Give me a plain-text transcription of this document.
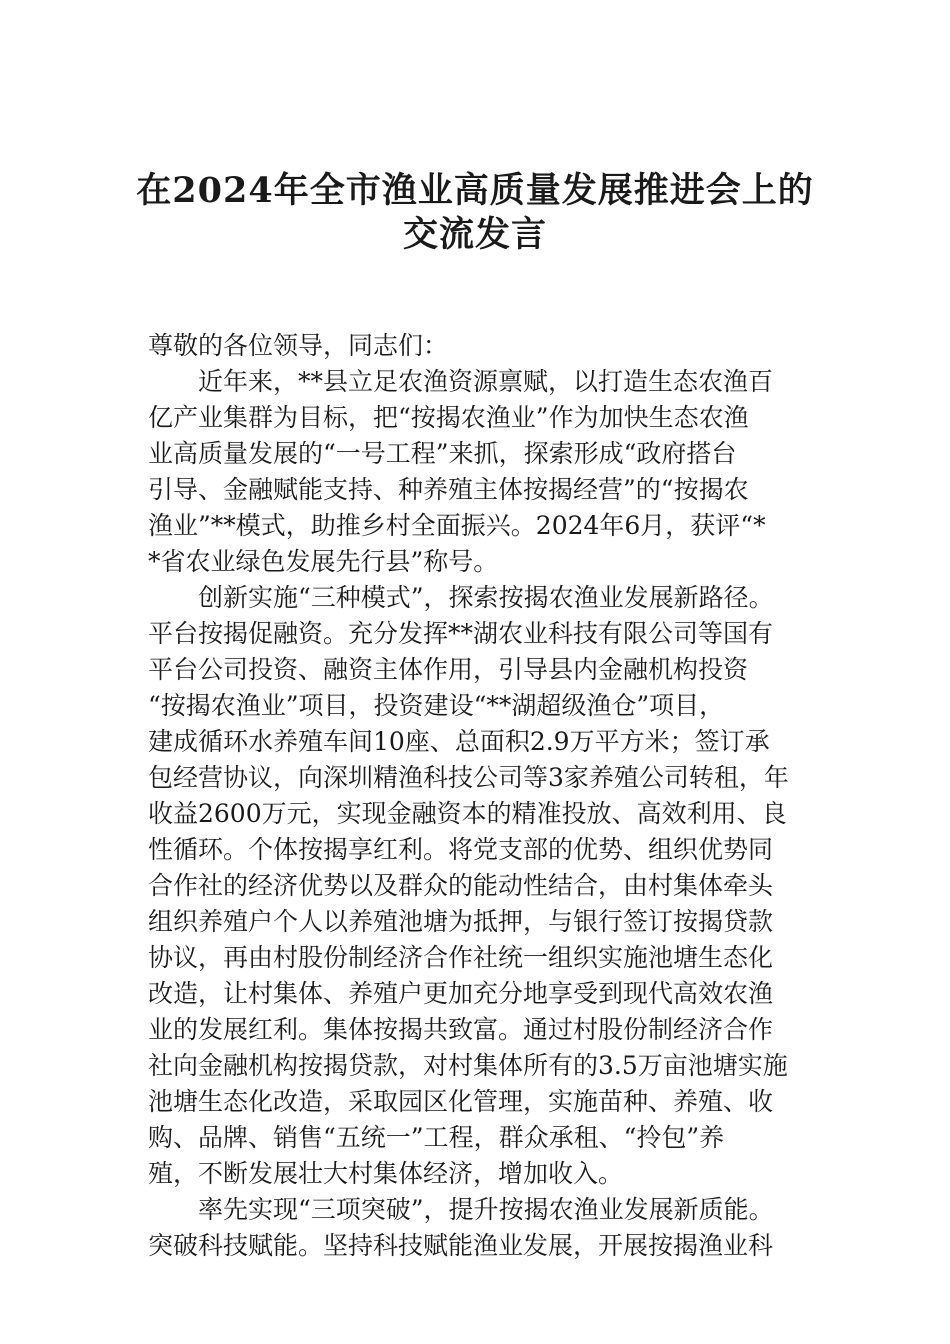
在2024年全市渔业高质量发展推进会上的
交流发言
尊敬的各位领导，同志们：
近年来，**县立足农渔资源禀赋，以打造生态农渔百
亿产业集群为目标，把“按揭农渔业”作为加快生态农渔
业高质量发展的“一号工程”来抓，探索形成“政府搭台
引导、金融赋能支持、种养殖主体按揭经营”的“按揭农
渔业”**模式，助推乡村全面振兴。2024年6月，获评“*
*省农业绿色发展先行县”称号。
创新实施“三种模式”，探索按揭农渔业发展新路径。
平台按揭促融资。充分发挥**湖农业科技有限公司等国有
平台公司投资、融资主体作用，引导县内金融机构投资
“按揭农渔业”项目，投资建设“**湖超级渔仓”项目，
建成循环水养殖车间10座、总面积2.9万平方米；签订承
包经营协议，向深圳精渔科技公司等3家养殖公司转租，年
收益2600万元，实现金融资本的精准投放、高效利用、良
性循环。个体按揭享红利。将党支部的优势、组织优势同
合作社的经济优势以及群众的能动性结合，由村集体牵头
组织养殖户个人以养殖池塘为抵押，与银行签订按揭贷款
协议，再由村股份制经济合作社统一组织实施池塘生态化
改造，让村集体、养殖户更加充分地享受到现代高效农渔
业的发展红利。集体按揭共致富。通过村股份制经济合作
社向金融机构按揭贷款，对村集体所有的3.5万亩池塘实施
池塘生态化改造，采取园区化管理，实施苗种、养殖、收
购、品牌、销售“五统一”工程，群众承租、“拎包”养
殖，不断发展壮大村集体经济，增加收入。
率先实现“三项突破”，提升按揭农渔业发展新质能。
突破科技赋能。坚持科技赋能渔业发展，开展按揭渔业科
